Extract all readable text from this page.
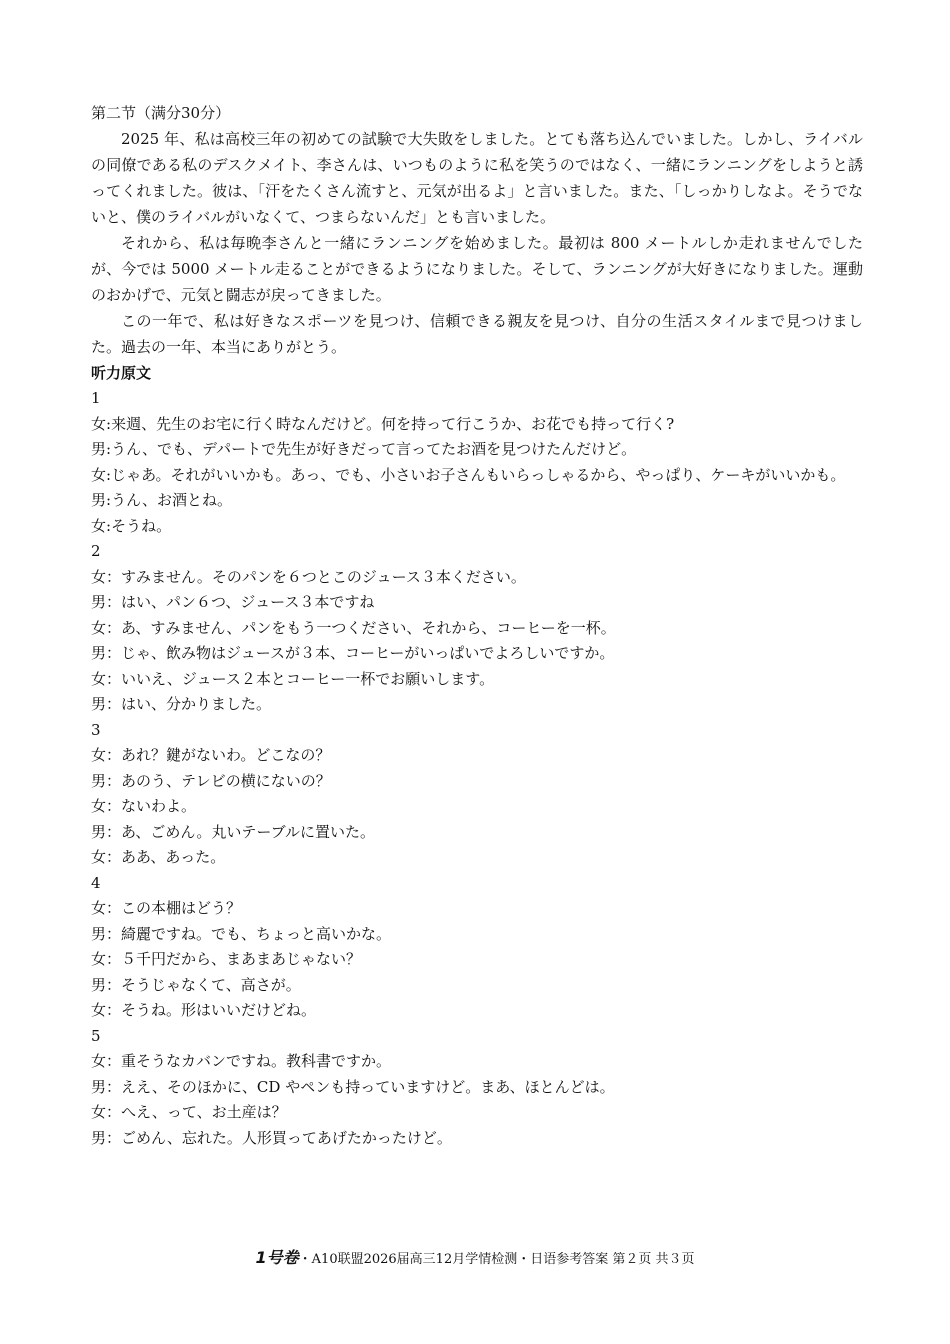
第二节（满分30分）

2025 年、私は高校三年の初めての試験で大失敗をしました。とても落ち込んでいました。しかし、ライバルの同僚である私のデスクメイト、李さんは、いつものように私を笑うのではなく、一緒にランニングをしようと誘ってくれました。彼は、「汗をたくさん流すと、元気が出るよ」と言いました。また、「しっかりしなよ。そうでないと、僕のライバルがいなくて、つまらないんだ」とも言いました。

それから、私は毎晩李さんと一緒にランニングを始めました。最初は 800 メートルしか走れませんでしたが、今では 5000 メートル走ることができるようになりました。そして、ランニングが大好きになりました。運動のおかげで、元気と闘志が戻ってきました。

この一年で、私は好きなスポーツを見つけ、信頼できる親友を見つけ、自分の生活スタイルまで見つけました。過去の一年、本当にありがとう。

听力原文
1
女: 来週、先生のお宅に行く時なんだけど。何を持って行こうか、お花でも持って行く?
男: うん、でも、デパートで先生が好きだって言ってたお酒を見つけたんだけど。
女: じゃあ。それがいいかも。あっ、でも、小さいお子さんもいらっしゃるから、やっぱり、ケーキがいいかも。
男: うん、お酒とね。
女: そうね。
2
女： すみません。そのパンを６つとこのジュース３本ください。
男： はい、パン６つ、ジュース３本ですね
女： あ、すみません、パンをもう一つください、それから、コーヒーを一杯。
男： じゃ、飲み物はジュースが３本、コーヒーがいっぱいでよろしいですか。
女： いいえ、ジュース２本とコーヒー一杯でお願いします。
男： はい、分かりました。
3
女： あれ？鍵がないわ。どこなの？
男： あのう、テレビの横にないの？
女： ないわよ。
男： あ、ごめん。丸いテーブルに置いた。
女： ああ、あった。
4
女： この本棚はどう？
男： 綺麗ですね。でも、ちょっと高いかな。
女： ５千円だから、まあまあじゃない？
男： そうじゃなくて、高さが。
女： そうね。形はいいだけどね。
5
女： 重そうなカバンですね。教科書ですか。
男： ええ、そのほかに、CD やペンも持っていますけど。まあ、ほとんどは。
女： へえ、って、お土産は？
男： ごめん、忘れた。人形買ってあげたかったけど。
1号卷・A10联盟2026届高三12月学情检测・日语参考答案 第２页 共３页
